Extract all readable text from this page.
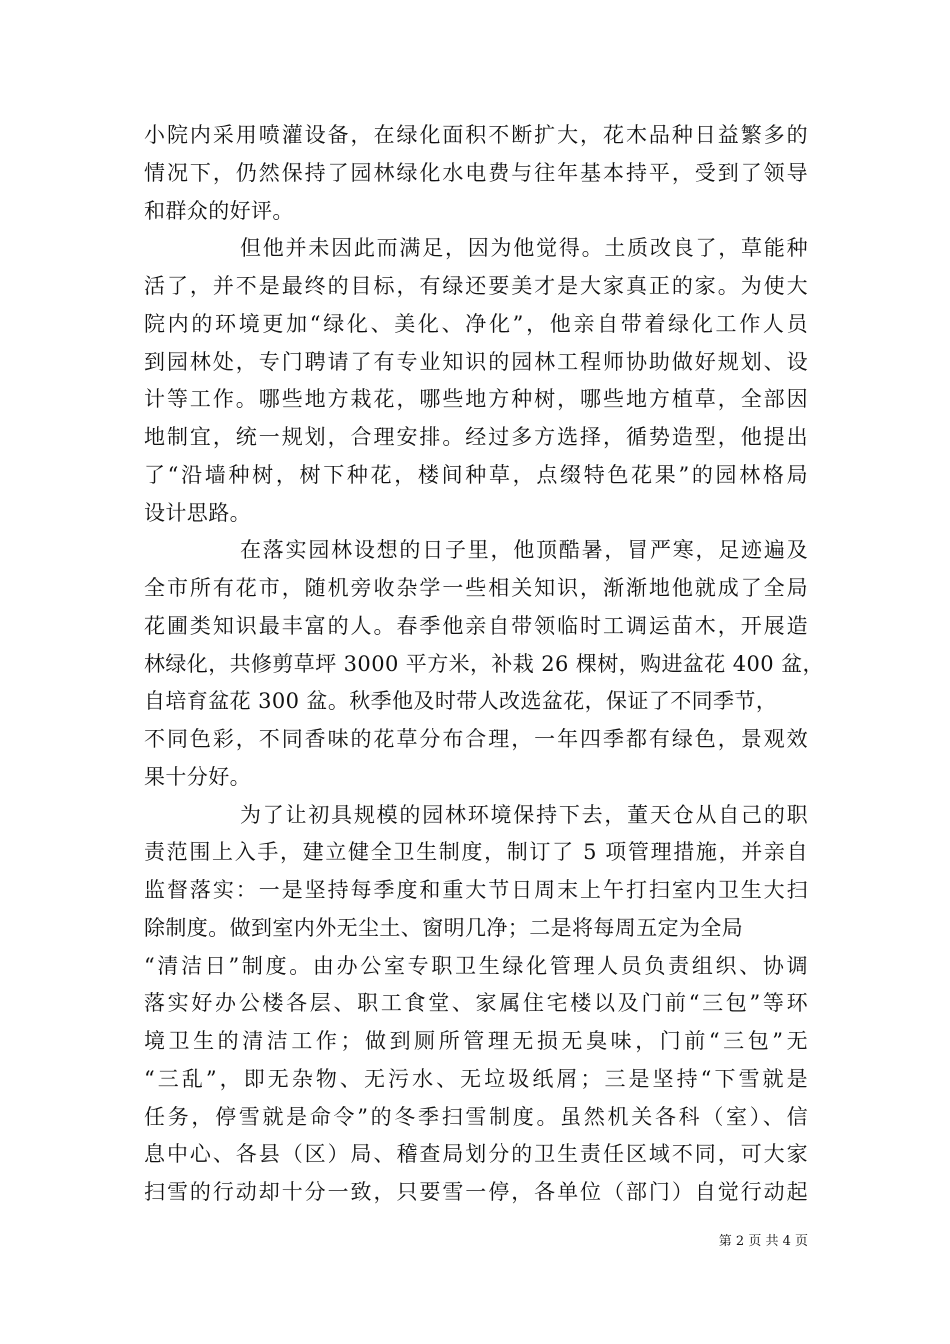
小院内采用喷灌设备，在绿化面积不断扩大，花木品种日益繁多的
情况下，仍然保持了园林绿化水电费与往年基本持平，受到了领导
和群众的好评。
但他并未因此而满足，因为他觉得。土质改良了，草能种
活了，并不是最终的目标，有绿还要美才是大家真正的家。为使大
院内的环境更加“绿化、美化、净化”，他亲自带着绿化工作人员
到园林处，专门聘请了有专业知识的园林工程师协助做好规划、设
计等工作。哪些地方栽花，哪些地方种树，哪些地方植草，全部因
地制宜，统一规划，合理安排。经过多方选择，循势造型，他提出
了“沿墙种树，树下种花，楼间种草，点缀特色花果”的园林格局
设计思路。
在落实园林设想的日子里，他顶酷暑，冒严寒，足迹遍及
全市所有花市，随机旁收杂学一些相关知识，渐渐地他就成了全局
花圃类知识最丰富的人。春季他亲自带领临时工调运苗木，开展造
林绿化，共修剪草坪 3000 平方米，补栽 26 棵树，购进盆花 400 盆，
自培育盆花 300 盆。秋季他及时带人改选盆花，保证了不同季节，
不同色彩，不同香味的花草分布合理，一年四季都有绿色，景观效
果十分好。
为了让初具规模的园林环境保持下去，董天仓从自己的职
责范围上入手，建立健全卫生制度，制订了 5 项管理措施，并亲自
监督落实：一是坚持每季度和重大节日周末上午打扫室内卫生大扫
除制度。做到室内外无尘土、窗明几净；二是将每周五定为全局
“清洁日”制度。由办公室专职卫生绿化管理人员负责组织、协调
落实好办公楼各层、职工食堂、家属住宅楼以及门前“三包”等环
境卫生的清洁工作；做到厕所管理无损无臭味，门前“三包”无
“三乱”，即无杂物、无污水、无垃圾纸屑；三是坚持“下雪就是
任务，停雪就是命令”的冬季扫雪制度。虽然机关各科（室）、信
息中心、各县（区）局、稽查局划分的卫生责任区域不同，可大家
扫雪的行动却十分一致，只要雪一停，各单位（部门）自觉行动起
第 2 页 共 4 页
